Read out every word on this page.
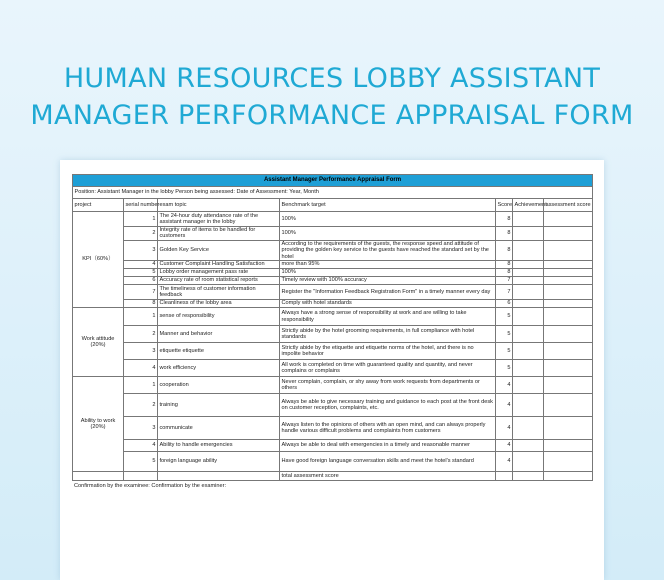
HUMAN RESOURCES LOBBY ASSISTANT
MANAGER PERFORMANCE APPRAISAL FORM
Assistant Manager Performance Appraisal Form						
Position: Assistant Manager in the lobby Person being assessed: Date of Assessment: Year, Month						
project	serial number	exam topic	Benchmark target	Score	Achievement	assessment score
KPI（60%）	1	The 24-hour duty attendance rate of the assistant manager in the lobby	100%	8		
	2	Integrity rate of items to be handled for customers	100%	8		
	3	Golden Key Service	According to the requirements of the guests, the response speed and attitude of providing the golden key service to the guests have reached the standard set by the hotel	8		
	4	Customer Complaint Handling Satisfaction	more than 95%	8		
	5	Lobby order management pass rate	100%	8		
	6	Accuracy rate of room statistical reports	Timely review with 100% accuracy	7		
	7	The timeliness of customer information feedback	Register the "Information Feedback Registration Form" in a timely manner every day	7		
	8	Cleanliness of the lobby area	Comply with hotel standards	6		
Work attitude
(20%)	1	sense of responsibility	Always have a strong sense of responsibility at work and are willing to take responsibility	5		
	2	Manner and behavior	Strictly abide by the hotel grooming requirements, in full compliance with hotel standards	5		
	3	etiquette etiquette	Strictly abide by the etiquette and etiquette norms of the hotel, and there is no impolite behavior	5		
	4	work efficiency	All work is completed on time with guaranteed quality and quantity, and never complains or complains	5		
Ability to work
(20%)	1	cooperation	Never complain, complain, or shy away from work requests from departments or others	4		
	2	training	Always be able to give necessary training and guidance to each post at the front desk on customer reception, complaints, etc.	4		
	3	communicate	Always listen to the opinions of others with an open mind, and can always properly handle various difficult problems and complaints from customers	4		
	4	Ability to handle emergencies	Always be able to deal with emergencies in a timely and reasonable manner	4		
	5	foreign language ability	Have good foreign language conversation skills and meet the hotel's standard	4		
			total assessment score			
Confirmation by the examinee: Confirmation by the examiner:						
